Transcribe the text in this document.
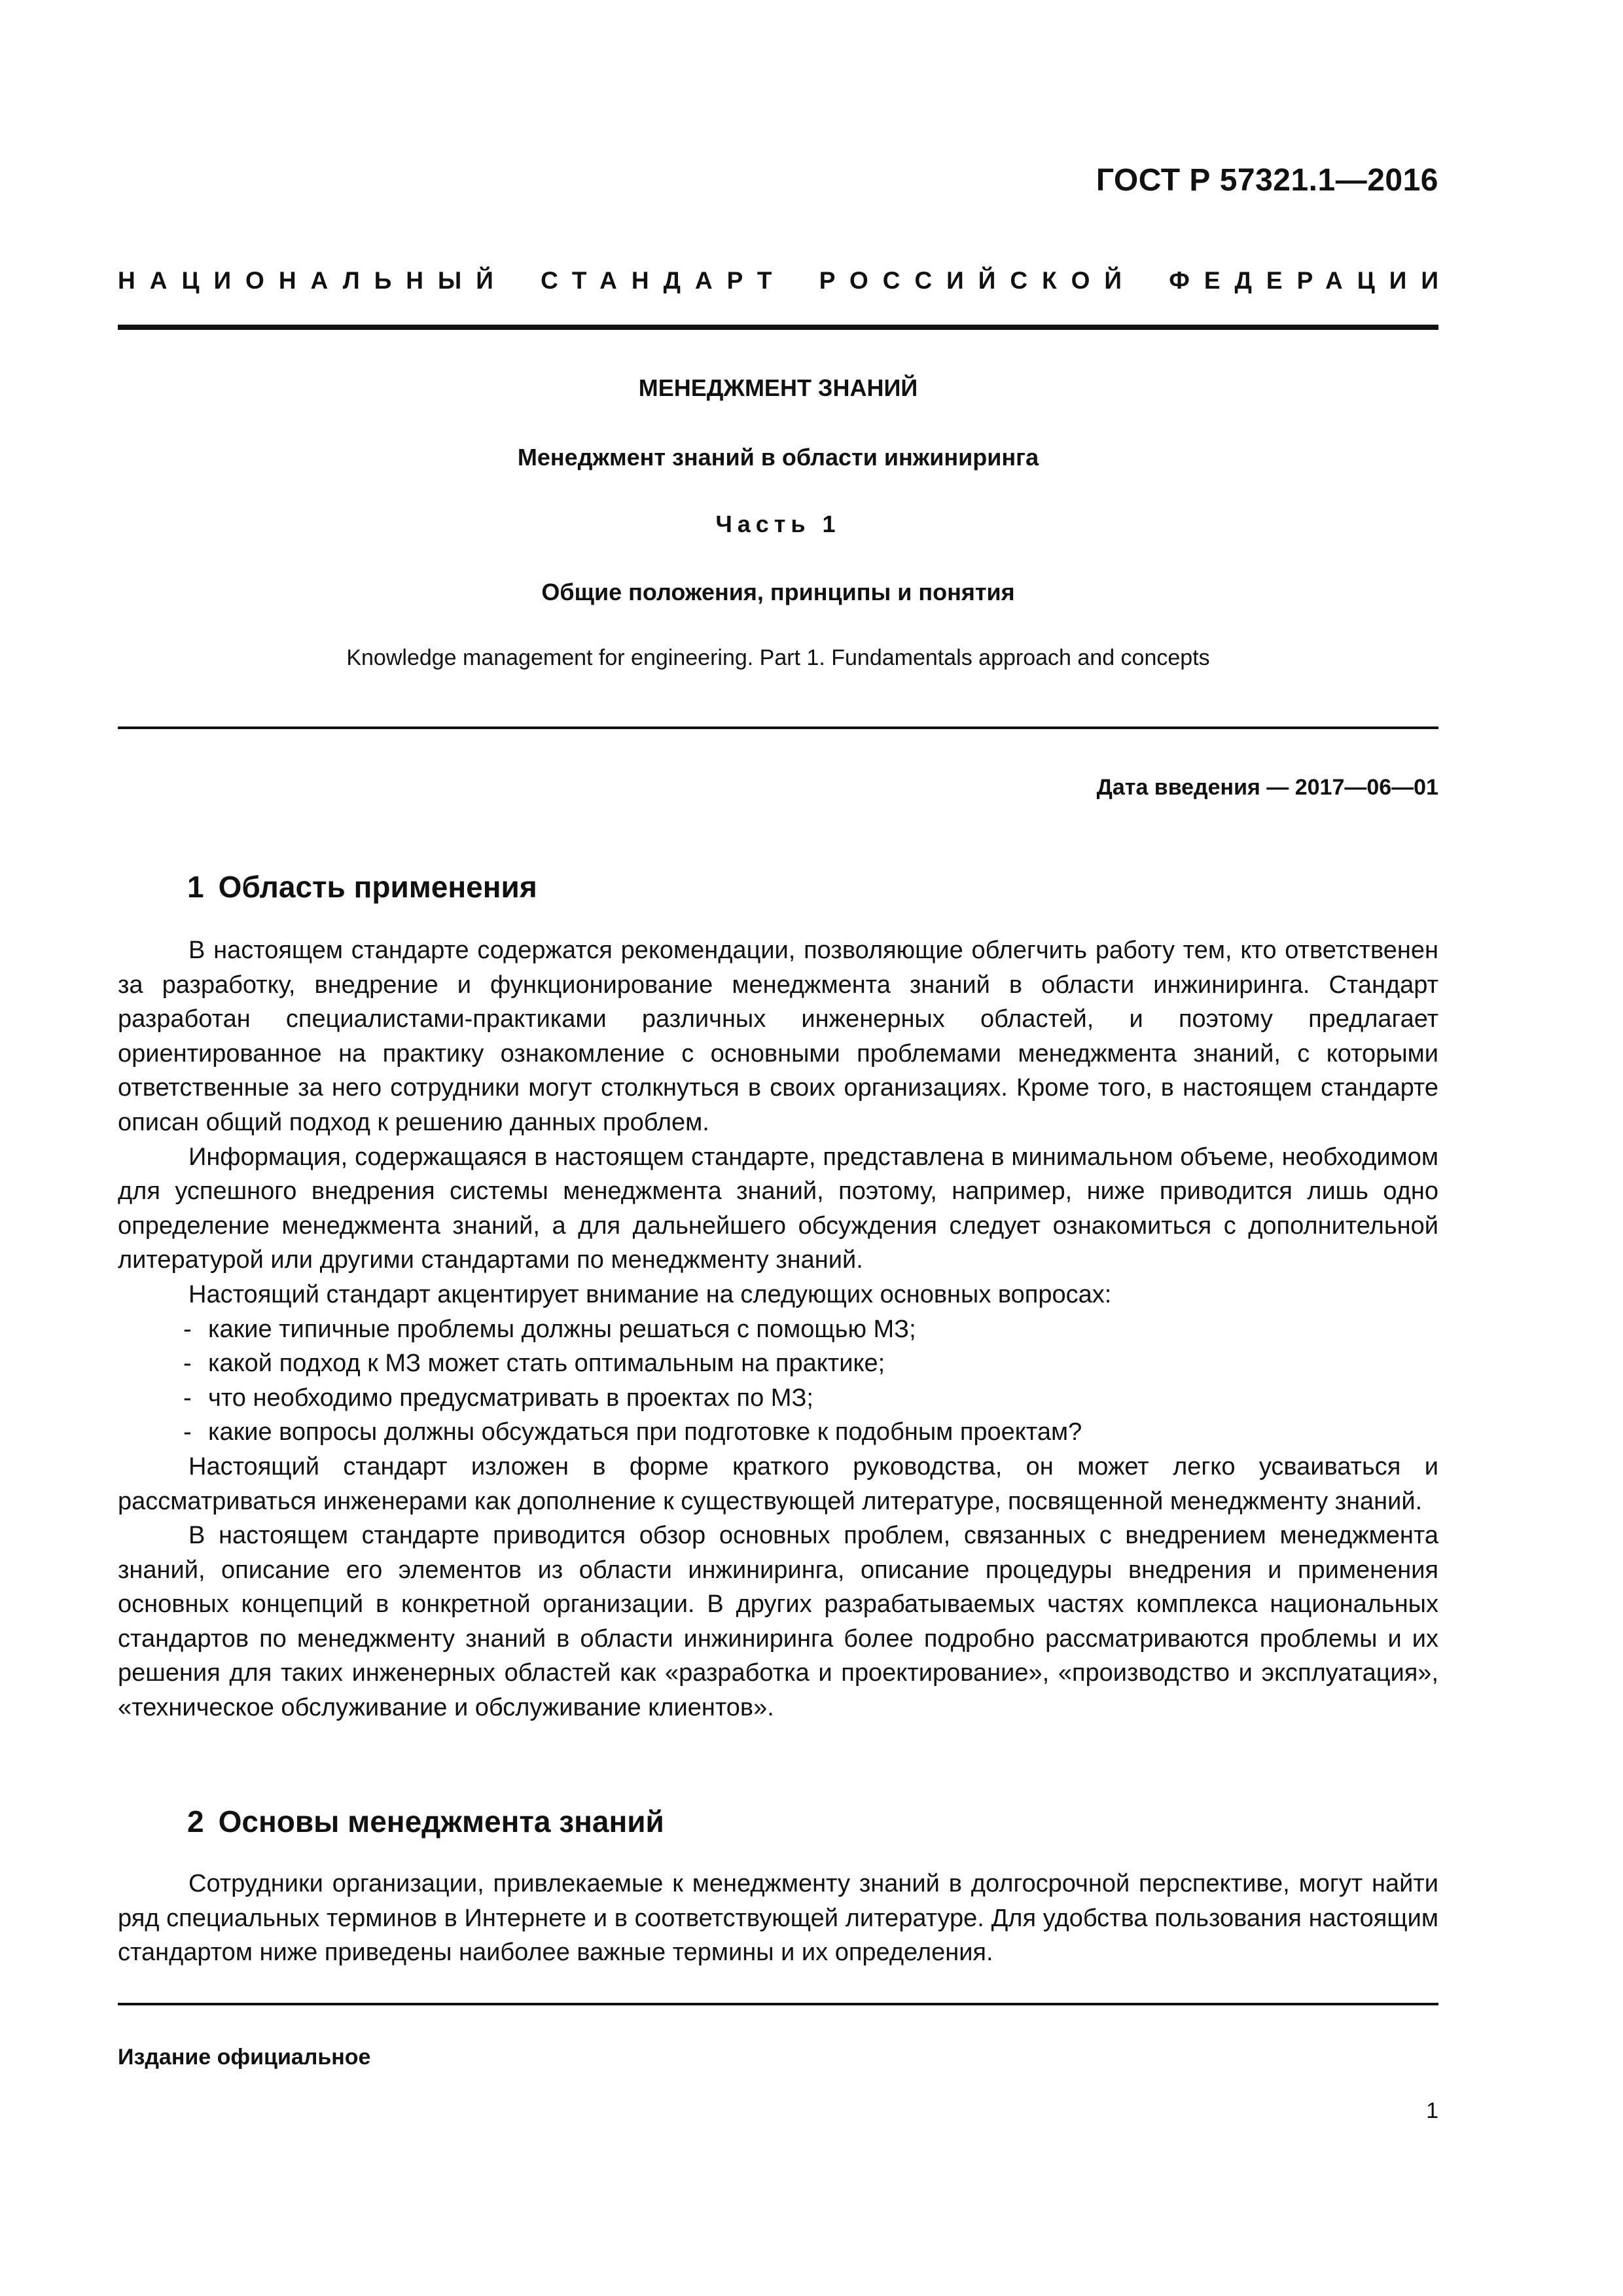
ГОСТ Р 57321.1—2016
НАЦИОНАЛЬНЫЙ СТАНДАРТ РОССИЙСКОЙ ФЕДЕРАЦИИ
МЕНЕДЖМЕНТ ЗНАНИЙ
Менеджмент знаний в области инжиниринга
Часть 1
Общие положения, принципы и понятия
Knowledge management for engineering. Part 1. Fundamentals approach and concepts
Дата введения — 2017—06—01
1 Область применения

В настоящем стандарте содержатся рекомендации, позволяющие облегчить работу тем, кто ответственен за разработку, внедрение и функционирование менеджмента знаний в области инжиниринга. Стандарт разработан специалистами-практиками различных инженерных областей, и поэтому предлагает ориентированное на практику ознакомление с основными проблемами менеджмента знаний, с которыми ответственные за него сотрудники могут столкнуться в своих организациях. Кроме того, в настоящем стандарте описан общий подход к решению данных проблем.

Информация, содержащаяся в настоящем стандарте, представлена в минимальном объеме, необходимом для успешного внедрения системы менеджмента знаний, поэтому, например, ниже приводится лишь одно определение менеджмента знаний, а для дальнейшего обсуждения следует ознакомиться с дополнительной литературой или другими стандартами по менеджменту знаний.

Настоящий стандарт акцентирует внимание на следующих основных вопросах:

- какие типичные проблемы должны решаться с помощью МЗ;
- какой подход к МЗ может стать оптимальным на практике;
- что необходимо предусматривать в проектах по МЗ;
- какие вопросы должны обсуждаться при подготовке к подобным проектам?

Настоящий стандарт изложен в форме краткого руководства, он может легко усваиваться и рассматриваться инженерами как дополнение к существующей литературе, посвященной менеджменту знаний.

В настоящем стандарте приводится обзор основных проблем, связанных с внедрением менеджмента знаний, описание его элементов из области инжиниринга, описание процедуры внедрения и применения основных концепций в конкретной организации. В других разрабатываемых частях комплекса национальных стандартов по менеджменту знаний в области инжиниринга более подробно рассматриваются проблемы и их решения для таких инженерных областей как «разработка и проектирование», «производство и эксплуатация», «техническое обслуживание и обслуживание клиентов».

2 Основы менеджмента знаний

Сотрудники организации, привлекаемые к менеджменту знаний в долгосрочной перспективе, могут найти ряд специальных терминов в Интернете и в соответствующей литературе. Для удобства пользования настоящим стандартом ниже приведены наиболее важные термины и их определения.

Издание официальное
1
